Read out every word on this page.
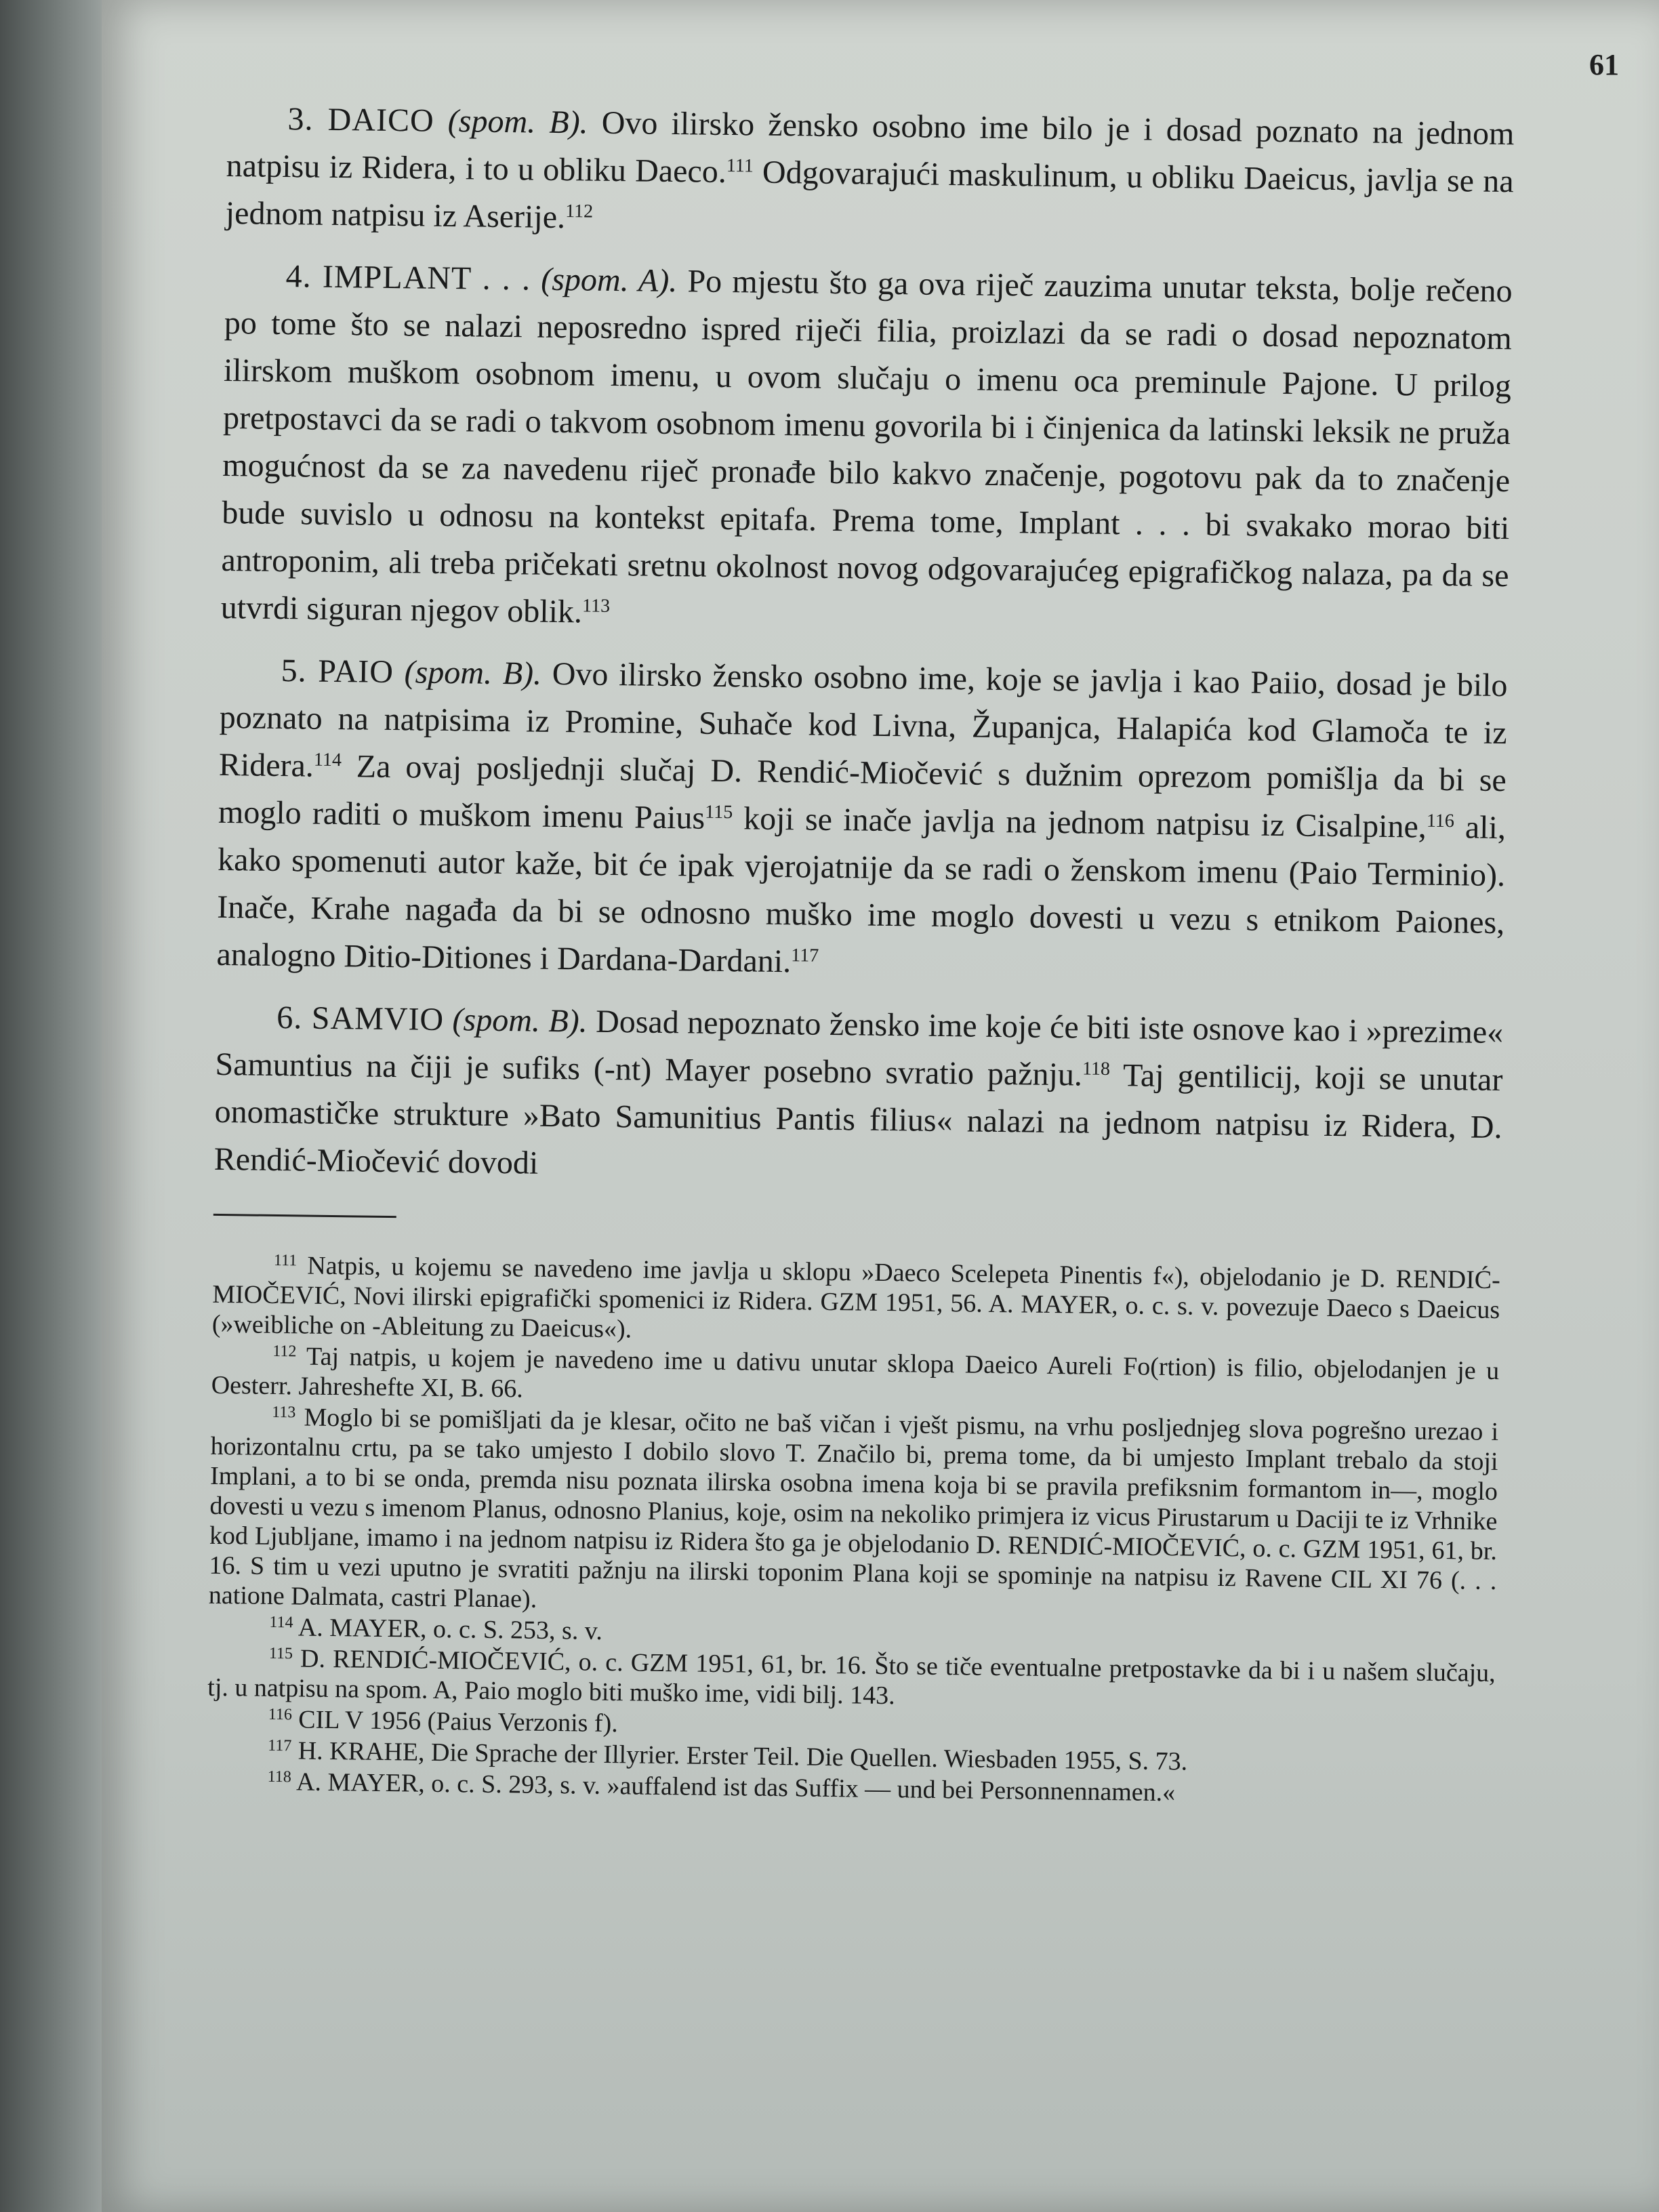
61

3. DAICO (spom. B). Ovo ilirsko žensko osobno ime bilo je i dosad poznato na jednom natpisu iz Ridera, i to u obliku Daeco.$^{111}$ Odgovarajući maskulinum, u obliku Daeicus, javlja se na jednom natpisu iz Aserije.$^{112}$

4. IMPLANT . . . (spom. A). Po mjestu što ga ova riječ zauzima unutar teksta, bolje rečeno po tome što se nalazi neposredno ispred riječi filia, proizlazi da se radi o dosad nepoznatom ilirskom muškom osobnom imenu, u ovom slučaju o imenu oca preminule Pajone. U prilog pretpostavci da se radi o takvom osobnom imenu govorila bi i činjenica da latinski leksik ne pruža mogućnost da se za navedenu riječ pronađe bilo kakvo značenje, pogotovu pak da to značenje bude suvislo u odnosu na kontekst epitafa. Prema tome, Implant . . . bi svakako morao biti antroponim, ali treba pričekati sretnu okolnost novog odgovarajućeg epigrafičkog nalaza, pa da se utvrdi siguran njegov oblik.$^{113}$

5. PAIO (spom. B). Ovo ilirsko žensko osobno ime, koje se javlja i kao Paiio, dosad je bilo poznato na natpisima iz Promine, Suhače kod Livna, Županjca, Halapića kod Glamoča te iz Ridera.$^{114}$ Za ovaj posljednji slučaj D. Rendić-Miočević s dužnim oprezom pomišlja da bi se moglo raditi o muškom imenu Paius$^{115}$ koji se inače javlja na jednom natpisu iz Cisalpine,$^{116}$ ali, kako spomenuti autor kaže, bit će ipak vjerojatnije da se radi o ženskom imenu (Paio Terminio). Inače, Krahe nagađa da bi se odnosno muško ime moglo dovesti u vezu s etnikom Paiones, analogno Ditio-Ditiones i Dardana-Dardani.$^{117}$

6. SAMVIO (spom. B). Dosad nepoznato žensko ime koje će biti iste osnove kao i »prezime« Samuntius na čiji je sufiks (-nt) Mayer posebno svratio pažnju.$^{118}$ Taj gentilicij, koji se unutar onomastičke strukture »Bato Samunitius Pantis filius« nalazi na jednom natpisu iz Ridera, D. Rendić-Miočević dovodi

$^{111}$ Natpis, u kojemu se navedeno ime javlja u sklopu »Daeco Scelepeta Pinentis f«), objelodanio je D. RENDIĆ-MIOČEVIĆ, Novi ilirski epigrafički spomenici iz Ridera. GZM 1951, 56. A. MAYER, o. c. s. v. povezuje Daeco s Daeicus (»weibliche on -Ableitung zu Daeicus«).

$^{112}$ Taj natpis, u kojem je navedeno ime u dativu unutar sklopa Daeico Aureli Fo(rtion) is filio, objelodanjen je u Oesterr. Jahreshefte XI, B. 66.

$^{113}$ Moglo bi se pomišljati da je klesar, očito ne baš vičan i vješt pismu, na vrhu posljednjeg slova pogrešno urezao i horizontalnu crtu, pa se tako umjesto I dobilo slovo T. Značilo bi, prema tome, da bi umjesto Implant trebalo da stoji Implani, a to bi se onda, premda nisu poznata ilirska osobna imena koja bi se pravila prefiksnim formantom in—, moglo dovesti u vezu s imenom Planus, odnosno Planius, koje, osim na nekoliko primjera iz vicus Pirustarum u Daciji te iz Vrhnike kod Ljubljane, imamo i na jednom natpisu iz Ridera što ga je objelodanio D. RENDIĆ-MIOČEVIĆ, o. c. GZM 1951, 61, br. 16. S tim u vezi uputno je svratiti pažnju na ilirski toponim Plana koji se spominje na natpisu iz Ravene CIL XI 76 (. . . natione Dalmata, castri Planae).

$^{114}$ A. MAYER, o. c. S. 253, s. v.

$^{115}$ D. RENDIĆ-MIOČEVIĆ, o. c. GZM 1951, 61, br. 16. Što se tiče eventualne pretpostavke da bi i u našem slučaju, tj. u natpisu na spom. A, Paio moglo biti muško ime, vidi bilj. 143.

$^{116}$ CIL V 1956 (Paius Verzonis f).

$^{117}$ H. KRAHE, Die Sprache der Illyrier. Erster Teil. Die Quellen. Wiesbaden 1955, S. 73.

$^{118}$ A. MAYER, o. c. S. 293, s. v. »auffalend ist das Suffix — und bei Personnennamen.«
